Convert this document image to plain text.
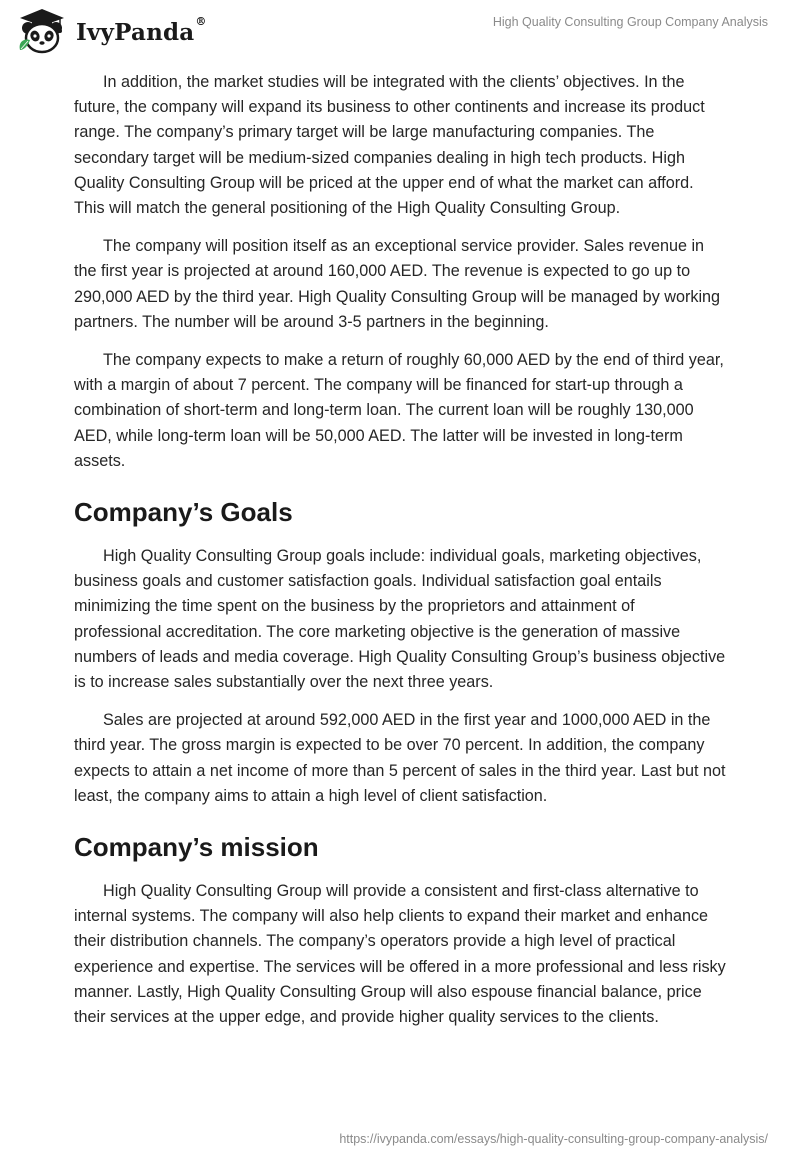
IvyPanda®	High Quality Consulting Group Company Analysis

In addition, the market studies will be integrated with the clients’ objectives. In the future, the company will expand its business to other continents and increase its product range. The company’s primary target will be large manufacturing companies. The secondary target will be medium-sized companies dealing in high tech products. High Quality Consulting Group will be priced at the upper end of what the market can afford. This will match the general positioning of the High Quality Consulting Group.

The company will position itself as an exceptional service provider. Sales revenue in the first year is projected at around 160,000 AED. The revenue is expected to go up to 290,000 AED by the third year. High Quality Consulting Group will be managed by working partners. The number will be around 3-5 partners in the beginning.

The company expects to make a return of roughly 60,000 AED by the end of third year, with a margin of about 7 percent. The company will be financed for start-up through a combination of short-term and long-term loan. The current loan will be roughly 130,000 AED, while long-term loan will be 50,000 AED. The latter will be invested in long-term assets.

Company’s Goals

High Quality Consulting Group goals include: individual goals, marketing objectives, business goals and customer satisfaction goals. Individual satisfaction goal entails minimizing the time spent on the business by the proprietors and attainment of professional accreditation. The core marketing objective is the generation of massive numbers of leads and media coverage. High Quality Consulting Group’s business objective is to increase sales substantially over the next three years.

Sales are projected at around 592,000 AED in the first year and 1000,000 AED in the third year. The gross margin is expected to be over 70 percent. In addition, the company expects to attain a net income of more than 5 percent of sales in the third year. Last but not least, the company aims to attain a high level of client satisfaction.

Company’s mission

High Quality Consulting Group will provide a consistent and first-class alternative to internal systems. The company will also help clients to expand their market and enhance their distribution channels. The company’s operators provide a high level of practical experience and expertise. The services will be offered in a more professional and less risky manner. Lastly, High Quality Consulting Group will also espouse financial balance, price their services at the upper edge, and provide higher quality services to the clients.

https://ivypanda.com/essays/high-quality-consulting-group-company-analysis/
